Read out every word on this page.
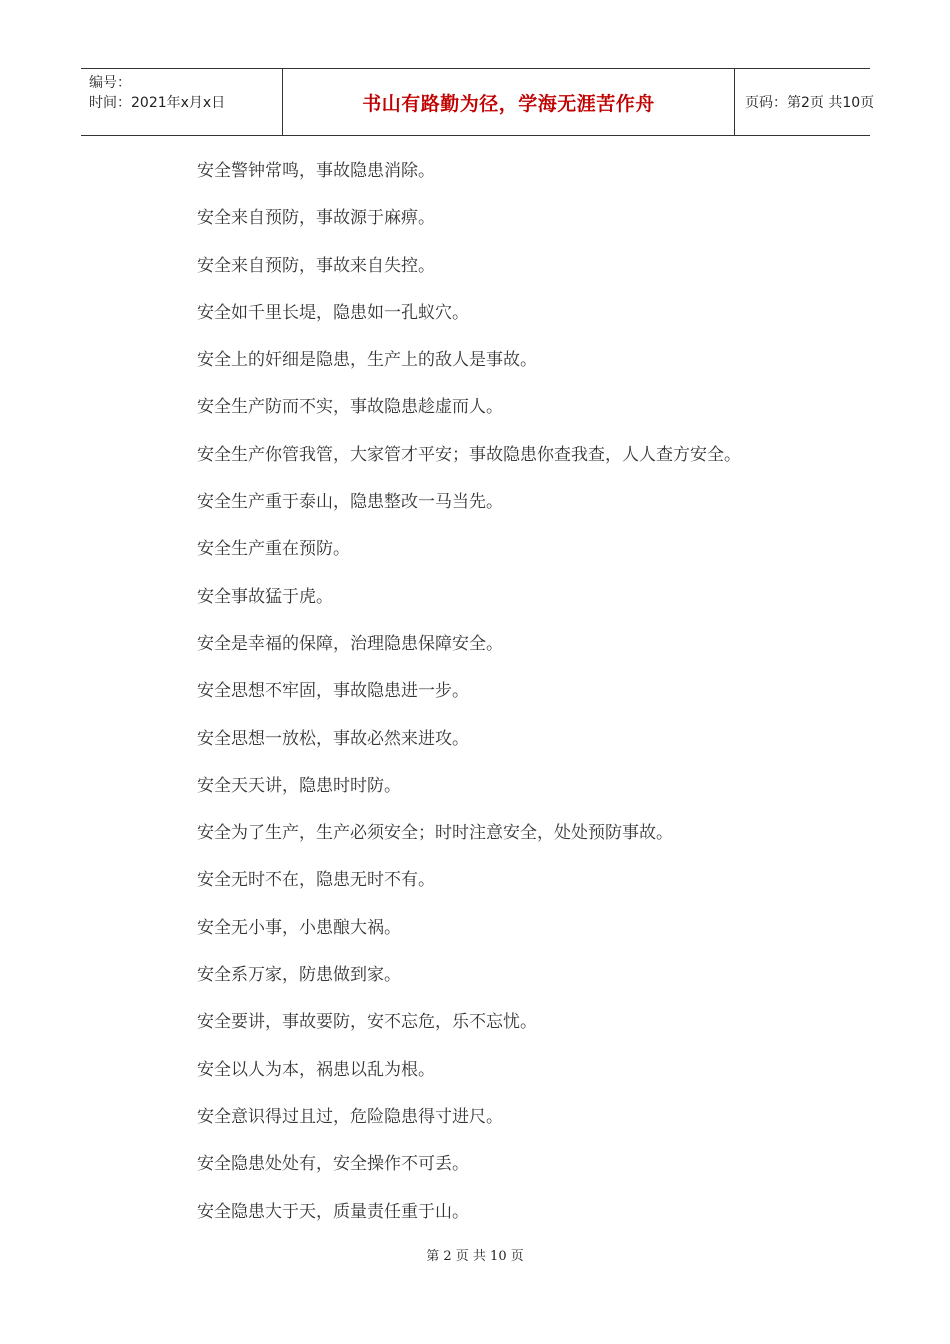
编号：
时间：2021年x月x日	书山有路勤为径，学海无涯苦作舟	页码：第2页 共10页
安全警钟常鸣，事故隐患消除。
安全来自预防，事故源于麻痹。
安全来自预防，事故来自失控。
安全如千里长堤，隐患如一孔蚁穴。
安全上的奸细是隐患，生产上的敌人是事故。
安全生产防而不实，事故隐患趁虚而人。
安全生产你管我管，大家管才平安；事故隐患你查我查，人人查方安全。
安全生产重于泰山，隐患整改一马当先。
安全生产重在预防。
安全事故猛于虎。
安全是幸福的保障，治理隐患保障安全。
安全思想不牢固，事故隐患进一步。
安全思想一放松，事故必然来进攻。
安全天天讲，隐患时时防。
安全为了生产，生产必须安全；时时注意安全，处处预防事故。
安全无时不在，隐患无时不有。
安全无小事，小患酿大祸。
安全系万家，防患做到家。
安全要讲，事故要防，安不忘危，乐不忘忧。
安全以人为本，祸患以乱为根。
安全意识得过且过，危险隐患得寸进尺。
安全隐患处处有，安全操作不可丢。
安全隐患大于天，质量责任重于山。
第 2 页 共 10 页
